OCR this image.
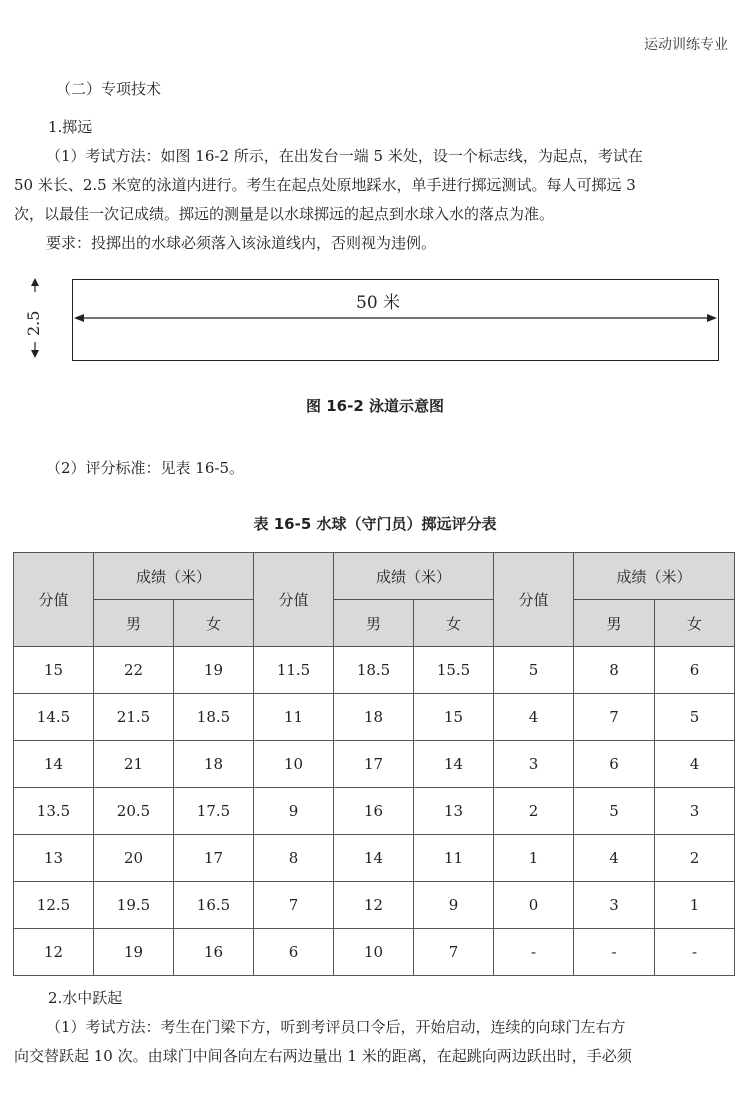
运动训练专业
（二）专项技术
1.掷远
（1）考试方法：如图 16-2 所示，在出发台一端 5 米处，设一个标志线，为起点，考试在
50 米长、2.5 米宽的泳道内进行。考生在起点处原地踩水，单手进行掷远测试。每人可掷远 3
次，以最佳一次记成绩。掷远的测量是以水球掷远的起点到水球入水的落点为准。
要求：投掷出的水球必须落入该泳道线内，否则视为违例。
50 米
2.5
图 16-2 泳道示意图
（2）评分标准：见表 16-5。
表 16-5 水球（守门员）掷远评分表
分值	成绩（米）		分值	成绩（米）		分值	成绩（米）	
	男	女		男	女		男	女
15	22	19	11.5	18.5	15.5	5	8	6
14.5	21.5	18.5	11	18	15	4	7	5
14	21	18	10	17	14	3	6	4
13.5	20.5	17.5	9	16	13	2	5	3
13	20	17	8	14	11	1	4	2
12.5	19.5	16.5	7	12	9	0	3	1
12	19	16	6	10	7	-	-	-
2.水中跃起
（1）考试方法：考生在门梁下方，听到考评员口令后，开始启动，连续的向球门左右方
向交替跃起 10 次。由球门中间各向左右两边量出 1 米的距离，在起跳向两边跃出时，手必须
